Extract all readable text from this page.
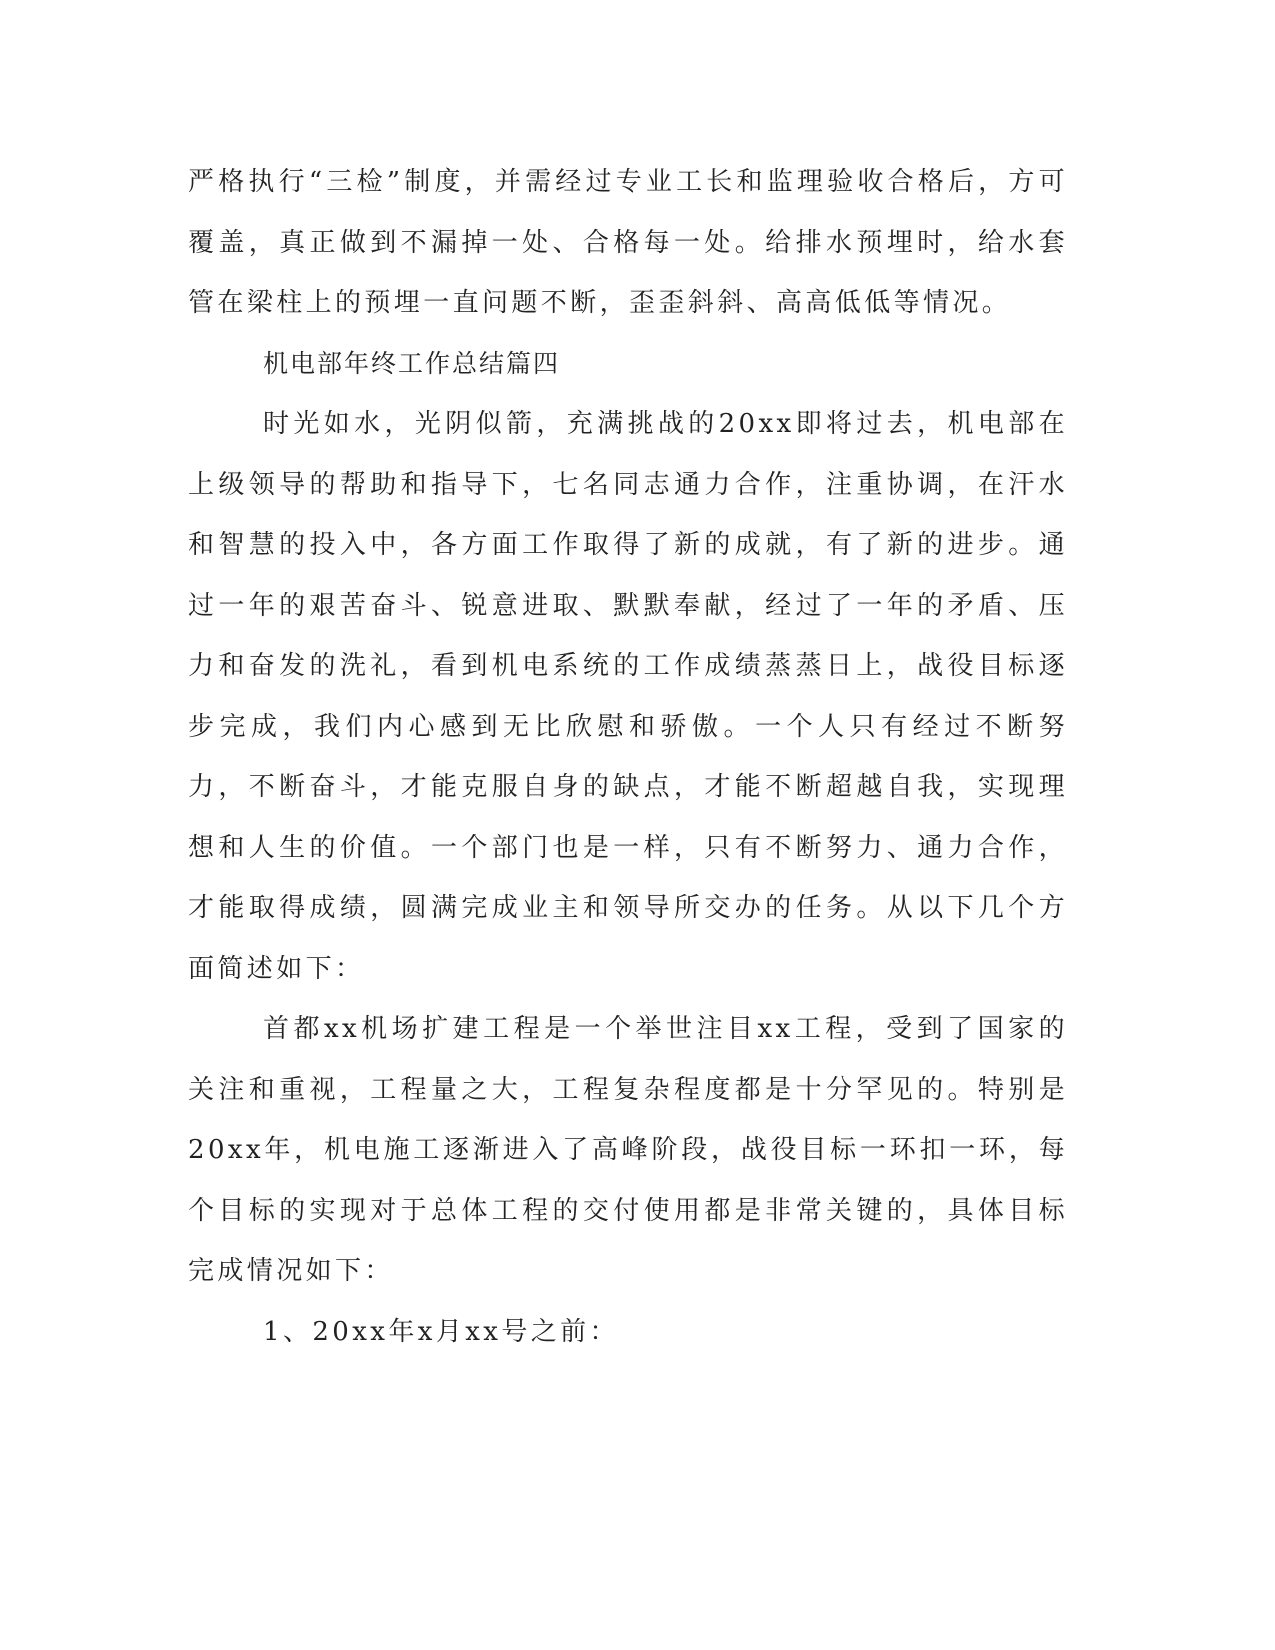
严格执行“三检”制度，并需经过专业工长和监理验收合格后，方可覆盖，真正做到不漏掉一处、合格每一处。给排水预埋时，给水套管在梁柱上的预埋一直问题不断，歪歪斜斜、高高低低等情况。

机电部年终工作总结篇四

时光如水，光阴似箭，充满挑战的20xx即将过去，机电部在上级领导的帮助和指导下，七名同志通力合作，注重协调，在汗水和智慧的投入中，各方面工作取得了新的成就，有了新的进步。通过一年的艰苦奋斗、锐意进取、默默奉献，经过了一年的矛盾、压力和奋发的洗礼，看到机电系统的工作成绩蒸蒸日上，战役目标逐步完成，我们内心感到无比欣慰和骄傲。一个人只有经过不断努力，不断奋斗，才能克服自身的缺点，才能不断超越自我，实现理想和人生的价值。一个部门也是一样，只有不断努力、通力合作，才能取得成绩，圆满完成业主和领导所交办的任务。从以下几个方面简述如下：

首都xx机场扩建工程是一个举世注目xx工程，受到了国家的关注和重视，工程量之大，工程复杂程度都是十分罕见的。特别是20xx年，机电施工逐渐进入了高峰阶段，战役目标一环扣一环，每个目标的实现对于总体工程的交付使用都是非常关键的，具体目标完成情况如下：

1、20xx年x月xx号之前：
